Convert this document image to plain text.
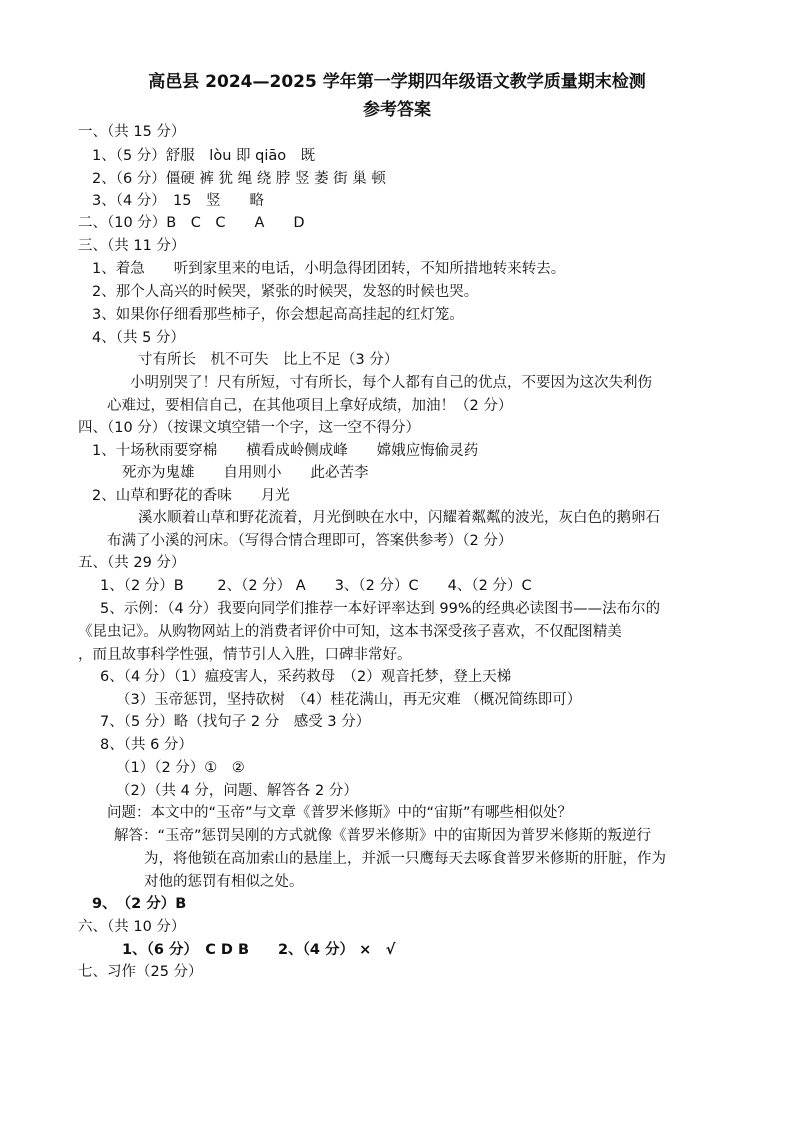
高邑县 2024—2025 学年第一学期四年级语文教学质量期末检测
参考答案
一、（共 15 分）
1、（5 分）舒服　lòu 即 qiāo　既
2、（6 分）僵硬 裤 犹 绳 绕 脖 竖 萎 街 巢 顿
3、（4 分）　15　竖　　略
二、（10 分）B　C　C　　A　　D
三、（共 11 分）
1、着急　　听到家里来的电话，小明急得团团转，不知所措地转来转去。
2、那个人高兴的时候哭，紧张的时候哭，发怒的时候也哭。
3、如果你仔细看那些柿子，你会想起高高挂起的红灯笼。
4、（共 5 分）
寸有所长　机不可失　比上不足（3 分）
小明别哭了！尺有所短，寸有所长，每个人都有自己的优点，不要因为这次失利伤
心难过，要相信自己，在其他项目上拿好成绩，加油！（2 分）
四、（10 分）（按课文填空错一个字，这一空不得分）
1、十场秋雨要穿棉　　横看成岭侧成峰　　嫦娥应悔偷灵药
死亦为鬼雄　　自用则小　　此必苦李
2、山草和野花的香味　　月光
溪水顺着山草和野花流着，月光倒映在水中，闪耀着粼粼的波光，灰白色的鹅卵石
布满了小溪的河床。（写得合情合理即可，答案供参考）（2 分）
五、（共 29 分）
1、（2 分）B　　 2、（2 分） A　　3、（2 分）C　　4、（2 分）C
5、示例：（4 分）我要向同学们推荐一本好评率达到 99%的经典必读图书——法布尔的
《昆虫记》。从购物网站上的消费者评价中可知，这本书深受孩子喜欢，不仅配图精美
，而且故事科学性强，情节引人入胜，口碑非常好。
6、（4 分）（1）瘟疫害人，采药救母　（2）观音托梦，登上天梯
（3）玉帝惩罚，坚持砍树　（4）桂花满山，再无灾难 （概况简练即可）
7、（5 分）略（找句子 2 分　感受 3 分）
8、（共 6 分）
（1）（2 分）①　②
（2）（共 4 分，问题、解答各 2 分）
问题：本文中的“玉帝”与文章《普罗米修斯》中的“宙斯”有哪些相似处？
解答：“玉帝”惩罚吴刚的方式就像《普罗米修斯》中的宙斯因为普罗米修斯的叛逆行
为，将他锁在高加索山的悬崖上，并派一只鹰每天去啄食普罗米修斯的肝脏，作为
对他的惩罚有相似之处。
9、　（2 分）B
六、（共 10 分）
1、（6 分）　C D B　　2、（4 分） ×　√
七、习作（25 分）
